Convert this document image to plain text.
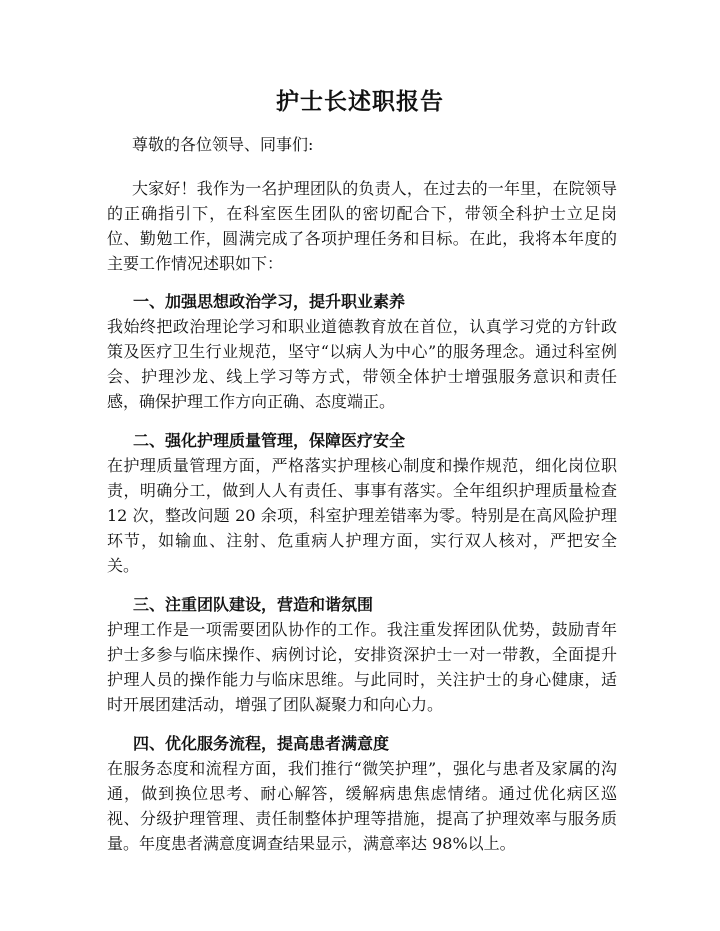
护士长述职报告

尊敬的各位领导、同事们:

大家好！我作为一名护理团队的负责人，在过去的一年里，在院领导的正确指引下，在科室医生团队的密切配合下，带领全科护士立足岗位、勤勉工作，圆满完成了各项护理任务和目标。在此，我将本年度的主要工作情况述职如下：

一、加强思想政治学习，提升职业素养

我始终把政治理论学习和职业道德教育放在首位，认真学习党的方针政策及医疗卫生行业规范，坚守“以病人为中心”的服务理念。通过科室例会、护理沙龙、线上学习等方式，带领全体护士增强服务意识和责任感，确保护理工作方向正确、态度端正。

二、强化护理质量管理，保障医疗安全

在护理质量管理方面，严格落实护理核心制度和操作规范，细化岗位职责，明确分工，做到人人有责任、事事有落实。全年组织护理质量检查 12 次，整改问题 20 余项，科室护理差错率为零。特别是在高风险护理环节，如输血、注射、危重病人护理方面，实行双人核对，严把安全关。

三、注重团队建设，营造和谐氛围

护理工作是一项需要团队协作的工作。我注重发挥团队优势，鼓励青年护士多参与临床操作、病例讨论，安排资深护士一对一带教，全面提升护理人员的操作能力与临床思维。与此同时，关注护士的身心健康，适时开展团建活动，增强了团队凝聚力和向心力。

四、优化服务流程，提高患者满意度

在服务态度和流程方面，我们推行“微笑护理”，强化与患者及家属的沟通，做到换位思考、耐心解答，缓解病患焦虑情绪。通过优化病区巡视、分级护理管理、责任制整体护理等措施，提高了护理效率与服务质量。年度患者满意度调查结果显示，满意率达 98%以上。
